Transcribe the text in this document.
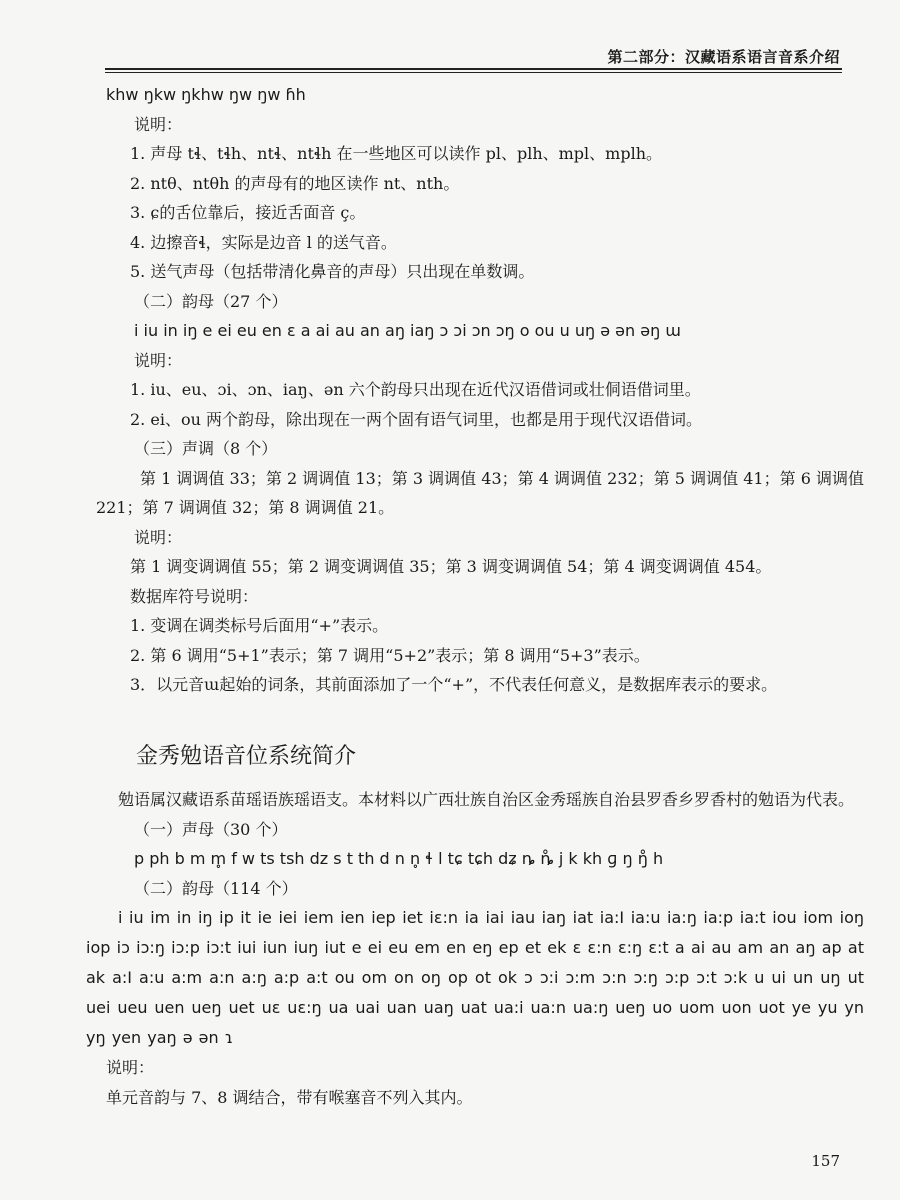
第二部分：汉藏语系语言音系介绍
khw ŋkw ŋkhw ŋw ŋw ɦh
说明：
1. 声母 tɬ、tɬh、ntɬ、ntɬh 在一些地区可以读作 pl、plh、mpl、mplh。
2. ntθ、ntθh 的声母有的地区读作 nt、nth。
3. ɕ的舌位靠后，接近舌面音 ç。
4. 边擦音ɬ，实际是边音 l 的送气音。
5. 送气声母（包括带清化鼻音的声母）只出现在单数调。
（二）韵母（27 个）
i iu in iŋ e ei eu en ɛ a ai au an aŋ iaŋ ɔ ɔi ɔn ɔŋ o ou u uŋ ə ən əŋ ɯ
说明：
1. iu、eu、ɔi、ɔn、iaŋ、ən 六个韵母只出现在近代汉语借词或壮侗语借词里。
2. ei、ou 两个韵母，除出现在一两个固有语气词里，也都是用于现代汉语借词。
（三）声调（8 个）
第 1 调调值 33；第 2 调调值 13；第 3 调调值 43；第 4 调调值 232；第 5 调调值 41；第 6 调调值 221；第 7 调调值 32；第 8 调调值 21。
说明：
第 1 调变调调值 55；第 2 调变调调值 35；第 3 调变调调值 54；第 4 调变调调值 454。
数据库符号说明：
1. 变调在调类标号后面用“+”表示。
2. 第 6 调用“5+1”表示；第 7 调用“5+2”表示；第 8 调用“5+3”表示。
3．以元音ɯ起始的词条，其前面添加了一个“+”，不代表任何意义，是数据库表示的要求。
金秀勉语音位系统简介
勉语属汉藏语系苗瑶语族瑶语支。本材料以广西壮族自治区金秀瑶族自治县罗香乡罗香村的勉语为代表。
（一）声母（30 个）
p ph b m m̥ f w ts tsh dz s t th d n n̥ ɬ l tɕ tɕh dʑ ȵ ȵ̊ j k kh ɡ ŋ ŋ̊ h
（二）韵母（114 个）
i iu im in iŋ ip it ie iei iem ien iep iet iɛ:n ia iai iau iaŋ iat ia:I ia:u ia:ŋ ia:p ia:t iou iom ioŋ iop iɔ iɔ:ŋ iɔ:p iɔ:t iui iun iuŋ iut e ei eu em en eŋ ep et ek ɛ ɛ:n ɛ:ŋ ɛ:t a ai au am an aŋ ap at ak a:I a:u a:m a:n a:ŋ a:p a:t ou om on oŋ op ot ok ɔ ɔ:i ɔ:m ɔ:n ɔ:ŋ ɔ:p ɔ:t ɔ:k u ui un uŋ ut uei ueu uen ueŋ uet uɛ uɛ:ŋ ua uai uan uaŋ uat ua:i ua:n ua:ŋ ueŋ uo uom uon uot ye yu yn yŋ yen yaŋ ə ən ɿ
说明：
单元音韵与 7、8 调结合，带有喉塞音不列入其内。
157
